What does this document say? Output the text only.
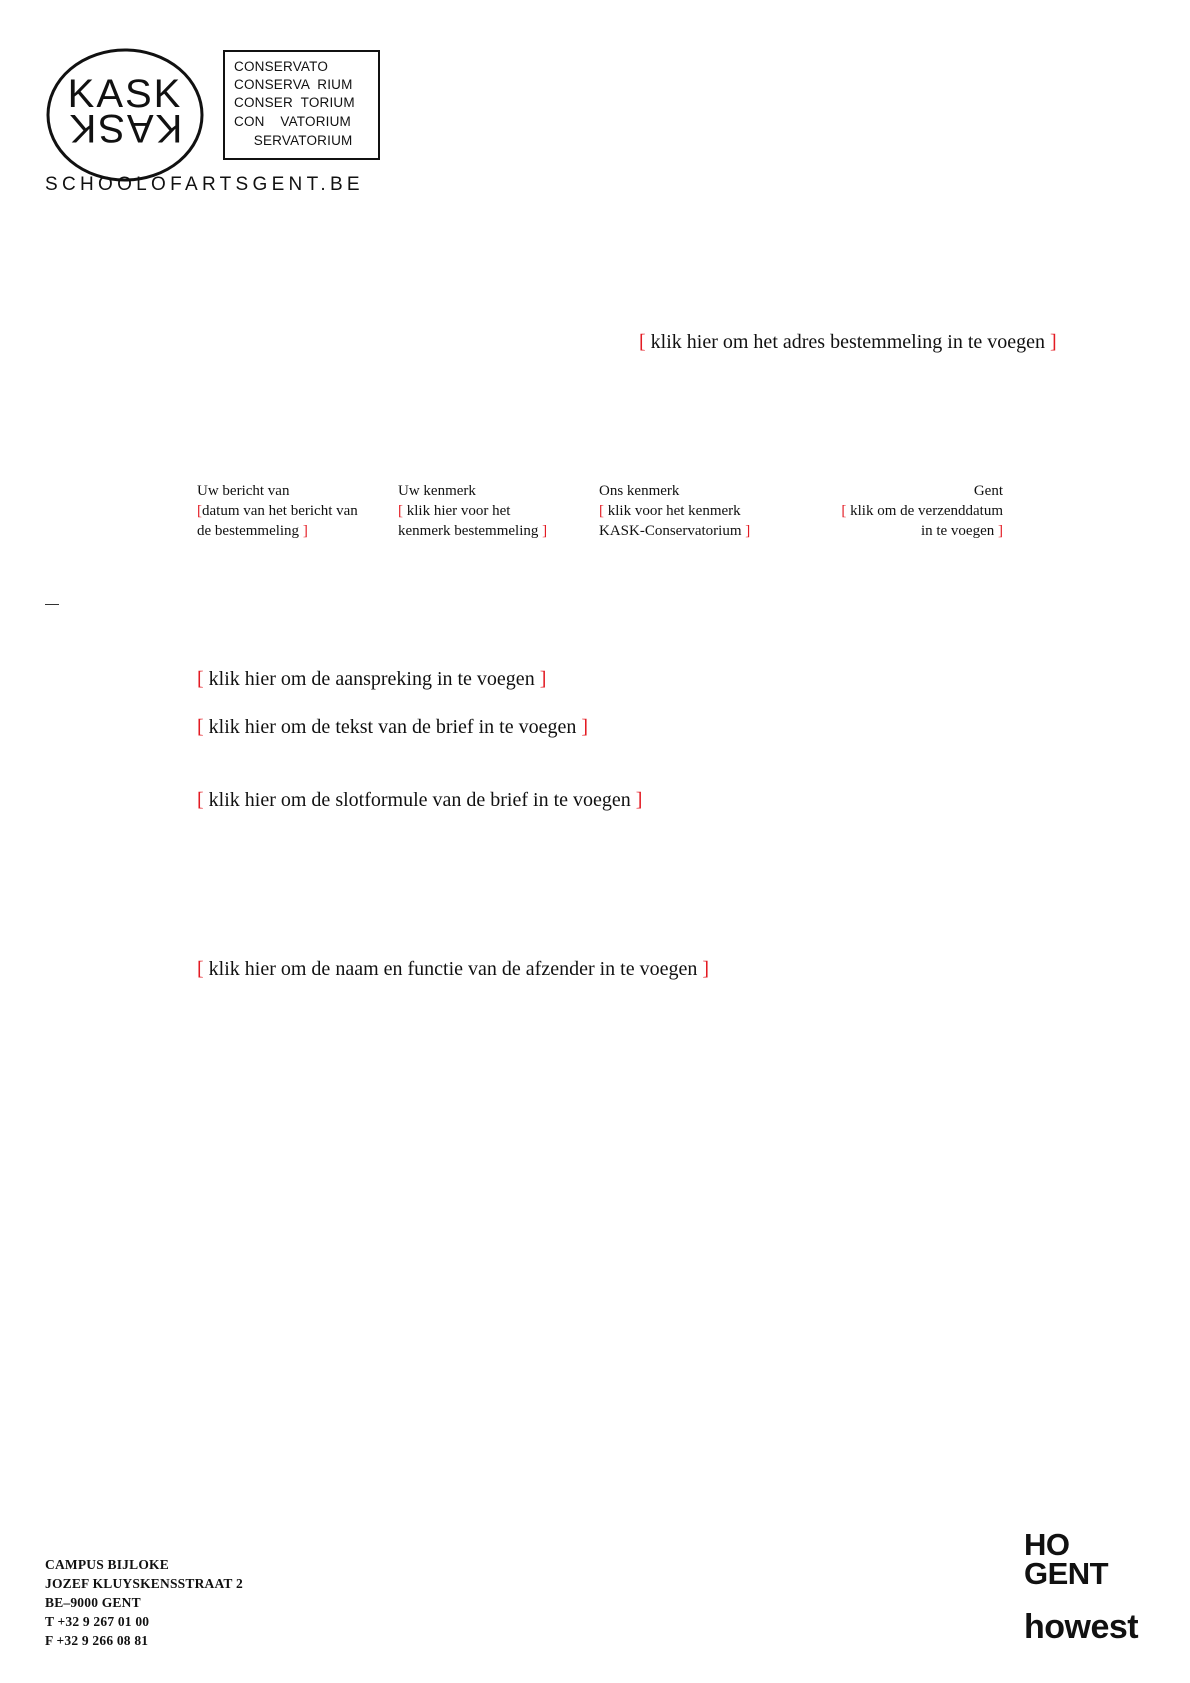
KASK
KASK
CONSERVATO
CONSERVA  RIUM
CONSER  TORIUM
CON    VATORIUM
SERVATORIUM
SCHOOLOFARTSGENT.BE
[ klik hier om het adres bestemmeling in te voegen ]
Uw bericht van
[datum van het bericht van
de bestemmeling ]
Uw kenmerk
[ klik hier voor het
kenmerk bestemmeling ]
Ons kenmerk
[ klik voor het kenmerk
KASK-Conservatorium ]
Gent
[ klik om de verzenddatum
in te voegen ]
[ klik hier om de aanspreking in te voegen ]
[ klik hier om de tekst van de brief in te voegen ]
[ klik hier om de slotformule van de brief in te voegen ]
[ klik hier om de naam en functie van de afzender in te voegen ]
CAMPUS BIJLOKE
JOZEF KLUYSKENSSTRAAT 2
BE–9000 GENT
T +32 9 267 01 00
F +32 9 266 08 81
HO
GENT
howest
